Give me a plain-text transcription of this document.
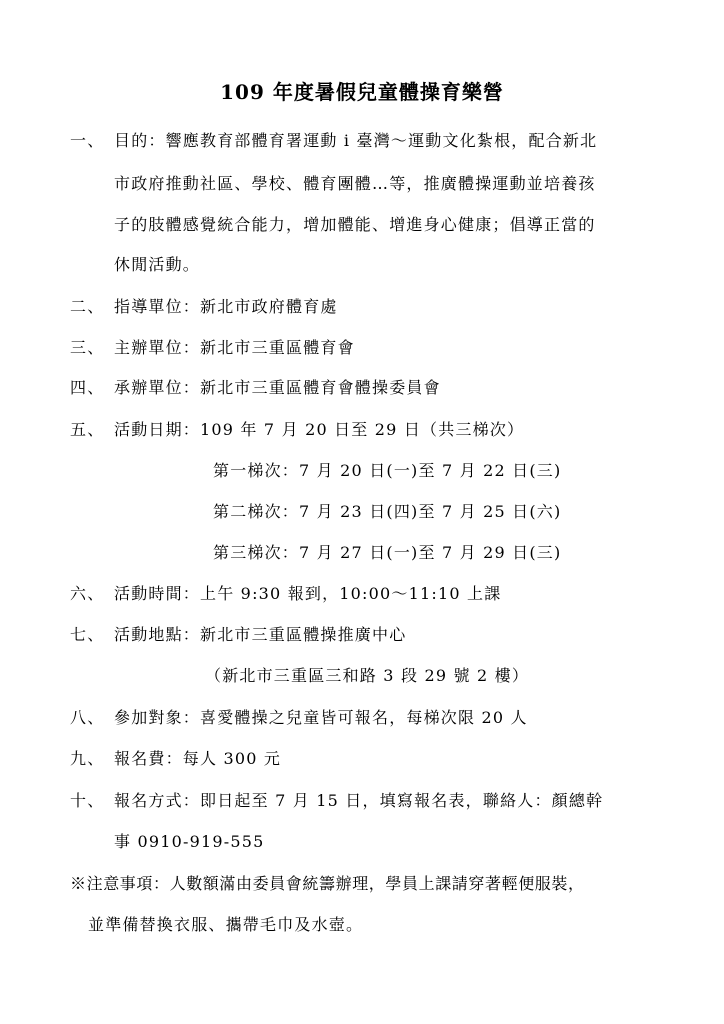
109 年度暑假兒童體操育樂營
一、 目的：響應教育部體育署運動 i 臺灣～運動文化紮根，配合新北
市政府推動社區、學校、體育團體…等，推廣體操運動並培養孩
子的肢體感覺統合能力，增加體能、增進身心健康；倡導正當的
休閒活動。
二、 指導單位：新北市政府體育處
三、 主辦單位：新北市三重區體育會
四、 承辦單位：新北市三重區體育會體操委員會
五、 活動日期：109 年 7 月 20 日至 29 日（共三梯次）
第一梯次：7 月 20 日(一)至 7 月 22 日(三)
第二梯次：7 月 23 日(四)至 7 月 25 日(六)
第三梯次：7 月 27 日(一)至 7 月 29 日(三)
六、 活動時間：上午 9:30 報到，10:00～11:10 上課
七、 活動地點：新北市三重區體操推廣中心
（新北市三重區三和路 3 段 29 號 2 樓）
八、 參加對象：喜愛體操之兒童皆可報名，每梯次限 20 人
九、 報名費：每人 300 元
十、 報名方式：即日起至 7 月 15 日，填寫報名表，聯絡人：顏總幹
事 0910-919-555
※注意事項：人數額滿由委員會統籌辦理，學員上課請穿著輕便服裝，
並準備替換衣服、攜帶毛巾及水壺。
